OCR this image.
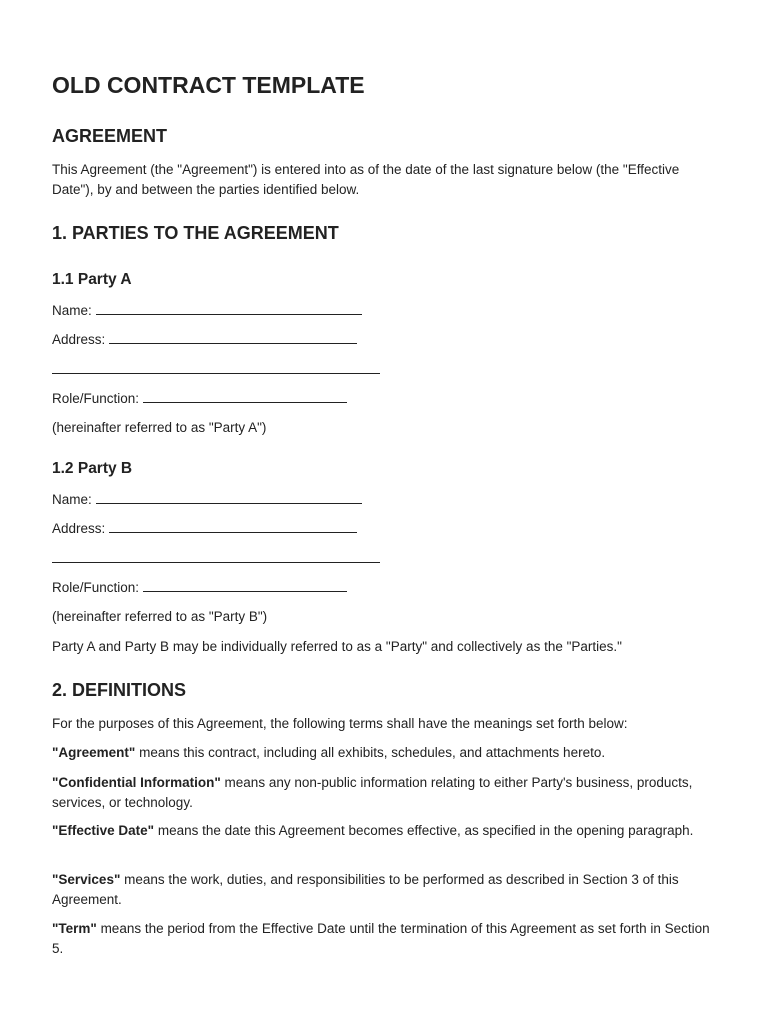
OLD CONTRACT TEMPLATE
AGREEMENT

This Agreement (the "Agreement") is entered into as of the date of the last signature below (the "Effective Date"), by and between the parties identified below.

1. PARTIES TO THE AGREEMENT
1.1 Party A
Name:
Address:
Role/Function:

(hereinafter referred to as "Party A")

1.2 Party B
Name:
Address:
Role/Function:

(hereinafter referred to as "Party B")

Party A and Party B may be individually referred to as a "Party" and collectively as the "Parties."

2. DEFINITIONS

For the purposes of this Agreement, the following terms shall have the meanings set forth below:

"Agreement" means this contract, including all exhibits, schedules, and attachments hereto.

"Confidential Information" means any non-public information relating to either Party's business, products, services, or technology.

"Effective Date" means the date this Agreement becomes effective, as specified in the opening paragraph.

"Services" means the work, duties, and responsibilities to be performed as described in Section 3 of this Agreement.

"Term" means the period from the Effective Date until the termination of this Agreement as set forth in Section 5.
